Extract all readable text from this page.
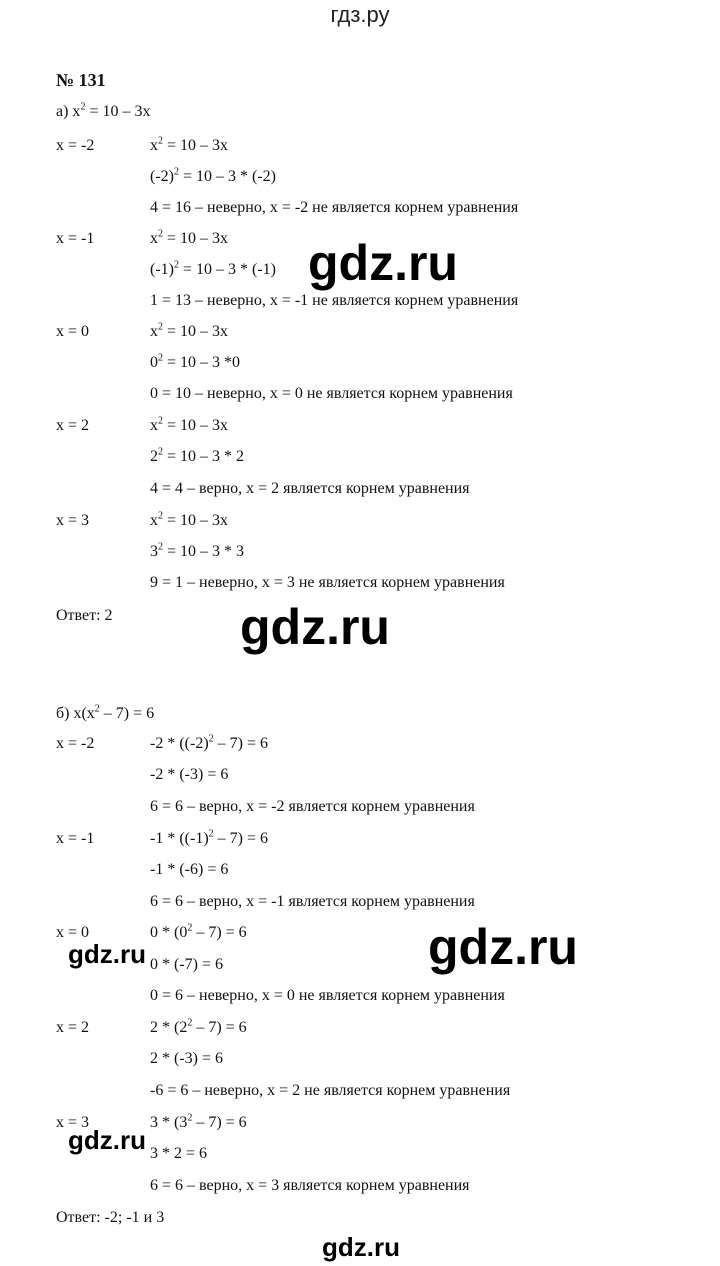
гдз.ру
№ 131
а) $x^2 = 10 - 3x$
x = -2	$x^2 = 10 - 3x$
$(-2)^2 = 10 - 3 * (-2)$
4 = 16 – неверно, x = -2 не является корнем уравнения
x = -1	$x^2 = 10 - 3x$
$(-1)^2 = 10 - 3 * (-1)$
1 = 13 – неверно, x = -1 не является корнем уравнения
x = 0	$x^2 = 10 - 3x$
$0^2 = 10 - 3$ *0
0 = 10 – неверно, x = 0 не является корнем уравнения
x = 2	$x^2 = 10 - 3x$
$2^2 = 10 - 3 * 2$
4 = 4 – верно, x = 2 является корнем уравнения
x = 3	$x^2 = 10 - 3x$
$3^2 = 10 - 3 * 3$
9 = 1 – неверно, x = 3 не является корнем уравнения
Ответ: 2
б) $x(x^2 - 7) = 6$
x = -2	$-2 * ((-2)^2 - 7) = 6$
-2 * (-3) = 6
6 = 6 – верно, x = -2 является корнем уравнения
x = -1	$-1 * ((-1)^2 - 7) = 6$
-1 * (-6) = 6
6 = 6 – верно, x = -1 является корнем уравнения
x = 0	$0 * (0^2 - 7) = 6$
0 * (-7) = 6
0 = 6 – неверно, x = 0 не является корнем уравнения
x = 2	$2 * (2^2 - 7) = 6$
2 * (-3) = 6
-6 = 6 – неверно, x = 2 не является корнем уравнения
x = 3	$3 * (3^2 - 7) = 6$
3 * 2 = 6
6 = 6 – верно, x = 3 является корнем уравнения
Ответ: -2; -1 и 3
gdz.ru
gdz.ru
gdz.ru
gdz.ru
gdz.ru
gdz.ru
